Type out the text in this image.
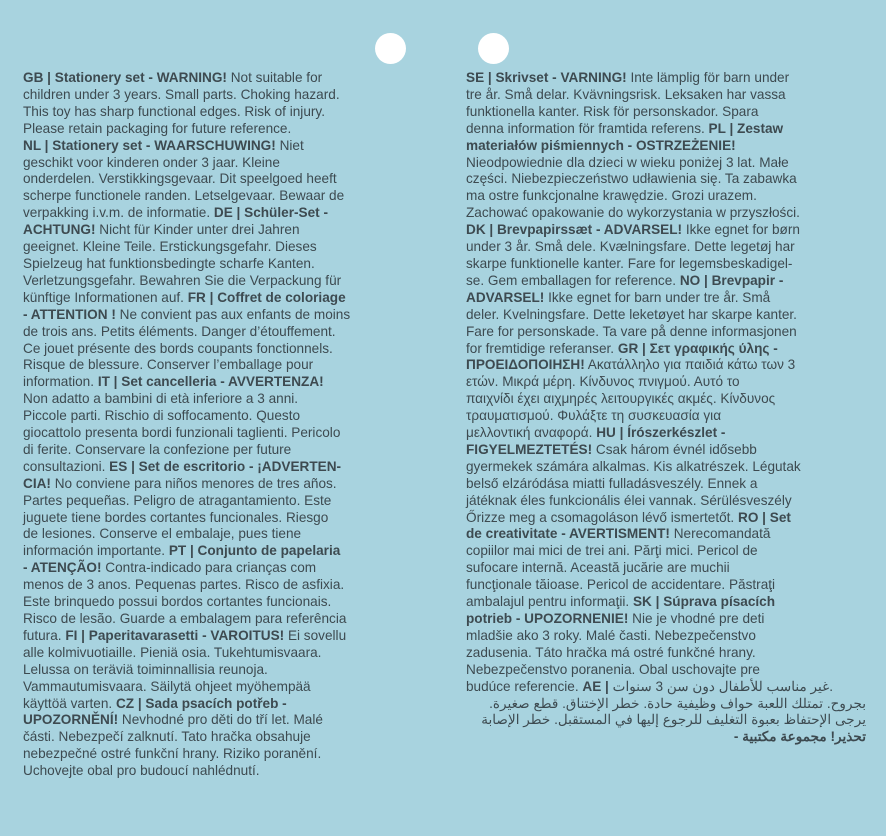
GB | Stationery set - WARNING! Not suitable for
children under 3 years. Small parts. Choking hazard.
This toy has sharp functional edges. Risk of injury.
Please retain packaging for future reference.
NL | Stationery set - WAARSCHUWING! Niet
geschikt voor kinderen onder 3 jaar. Kleine
onderdelen. Verstikkingsgevaar. Dit speelgoed heeft
scherpe functionele randen. Letselgevaar. Bewaar de
verpakking i.v.m. de informatie. DE | Schüler-Set -
ACHTUNG! Nicht für Kinder unter drei Jahren
geeignet. Kleine Teile. Erstickungsgefahr. Dieses
Spielzeug hat funktionsbedingte scharfe Kanten.
Verletzungsgefahr. Bewahren Sie die Verpackung für
künftige Informationen auf. FR | Coffret de coloriage
- ATTENTION ! Ne convient pas aux enfants de moins
de trois ans. Petits éléments. Danger d’étouffement.
Ce jouet présente des bords coupants fonctionnels.
Risque de blessure. Conserver l’emballage pour
information. IT | Set cancelleria - AVVERTENZA!
Non adatto a bambini di età inferiore a 3 anni.
Piccole parti. Rischio di soffocamento. Questo
giocattolo presenta bordi funzionali taglienti. Pericolo
di ferite. Conservare la confezione per future
consultazioni. ES | Set de escritorio - ¡ADVERTEN-
CIA! No conviene para niños menores de tres años.
Partes pequeñas. Peligro de atragantamiento. Este
juguete tiene bordes cortantes funcionales. Riesgo
de lesiones. Conserve el embalaje, pues tiene
información importante. PT | Conjunto de papelaria
- ATENÇÃO! Contra-indicado para crianças com
menos de 3 anos. Pequenas partes. Risco de asfixia.
Este brinquedo possui bordos cortantes funcionais.
Risco de lesão. Guarde a embalagem para referência
futura. FI | Paperitavarasetti - VAROITUS! Ei sovellu
alle kolmivuotiaille. Pieniä osia. Tukehtumisvaara.
Lelussa on teräviä toiminnallisia reunoja.
Vammautumisvaara. Säilytä ohjeet myöhempää
käyttöä varten. CZ | Sada psacích potřeb -
UPOZORNĚNÍ! Nevhodné pro děti do tří let. Malé
části. Nebezpečí zalknutí. Tato hračka obsahuje
nebezpečné ostré funkční hrany. Riziko poranění.
Uchovejte obal pro budoucí nahlédnutí.
SE | Skrivset - VARNING! Inte lämplig för barn under
tre år. Små delar. Kvävningsrisk. Leksaken har vassa
funktionella kanter. Risk för personskador. Spara
denna information för framtida referens. PL | Zestaw
materiałów piśmiennych - OSTRZEŻENIE!
Nieodpowiednie dla dzieci w wieku poniżej 3 lat. Małe
części. Niebezpieczeństwo udławienia się. Ta zabawka
ma ostre funkcjonalne krawędzie. Grozi urazem.
Zachować opakowanie do wykorzystania w przyszłości.
DK | Brevpapirssæt - ADVARSEL! Ikke egnet for børn
under 3 år. Små dele. Kvælningsfare. Dette legetøj har
skarpe funktionelle kanter. Fare for legemsbeskadigel-
se. Gem emballagen for reference. NO | Brevpapir -
ADVARSEL! Ikke egnet for barn under tre år. Små
deler. Kvelningsfare. Dette leketøyet har skarpe kanter.
Fare for personskade. Ta vare på denne informasjonen
for fremtidige referanser. GR | Σετ γραφικής ύλης -
ΠΡΟΕΙΔΟΠΟΙΗΣΗ! Ακατάλληλο για παιδιά κάτω των 3
ετών. Μικρά μέρη. Κίνδυνος πνιγμού. Αυτό το
παιχνίδι έχει αιχμηρές λειτουργικές ακμές. Κίνδυνος
τραυματισμού. Φυλάξτε τη συσκευασία για
μελλοντική αναφορά. HU | Írószerkészlet -
FIGYELMEZTETÉS! Csak három évnél idősebb
gyermekek számára alkalmas. Kis alkatrészek. Légutak
belső elzáródása miatti fulladásveszély. Ennek a
játéknak éles funkcionális élei vannak. Sérülésveszély
Őrizze meg a csomagoláson lévő ismertetőt. RO | Set
de creativitate - AVERTISMENT! Nerecomandată
copiilor mai mici de trei ani. Părţi mici. Pericol de
sufocare internă. Această jucărie are muchii
funcţionale tăioase. Pericol de accidentare. Păstraţi
ambalajul pentru informaţii. SK | Súprava písacích
potrieb - UPOZORNENIE! Nie je vhodné pre deti
mladšie ako 3 roky. Malé časti. Nebezpečenstvo
zadusenia. Táto hračka má ostré funkčné hrany.
Nebezpečenstvo poranenia. Obal uschovajte pre
budúce referencie. AE | غير مناسب للأطفال دون سن 3 سنوات.
بجروح. تمتلك اللعبة حواف وظيفية حادة. خطر الإختناق. قطع صغيرة.
يرجى الإحتفاظ بعبوة التغليف للرجوع إليها في المستقبل. خطر الإصابة
تحذير! مجموعة مكتبية -
